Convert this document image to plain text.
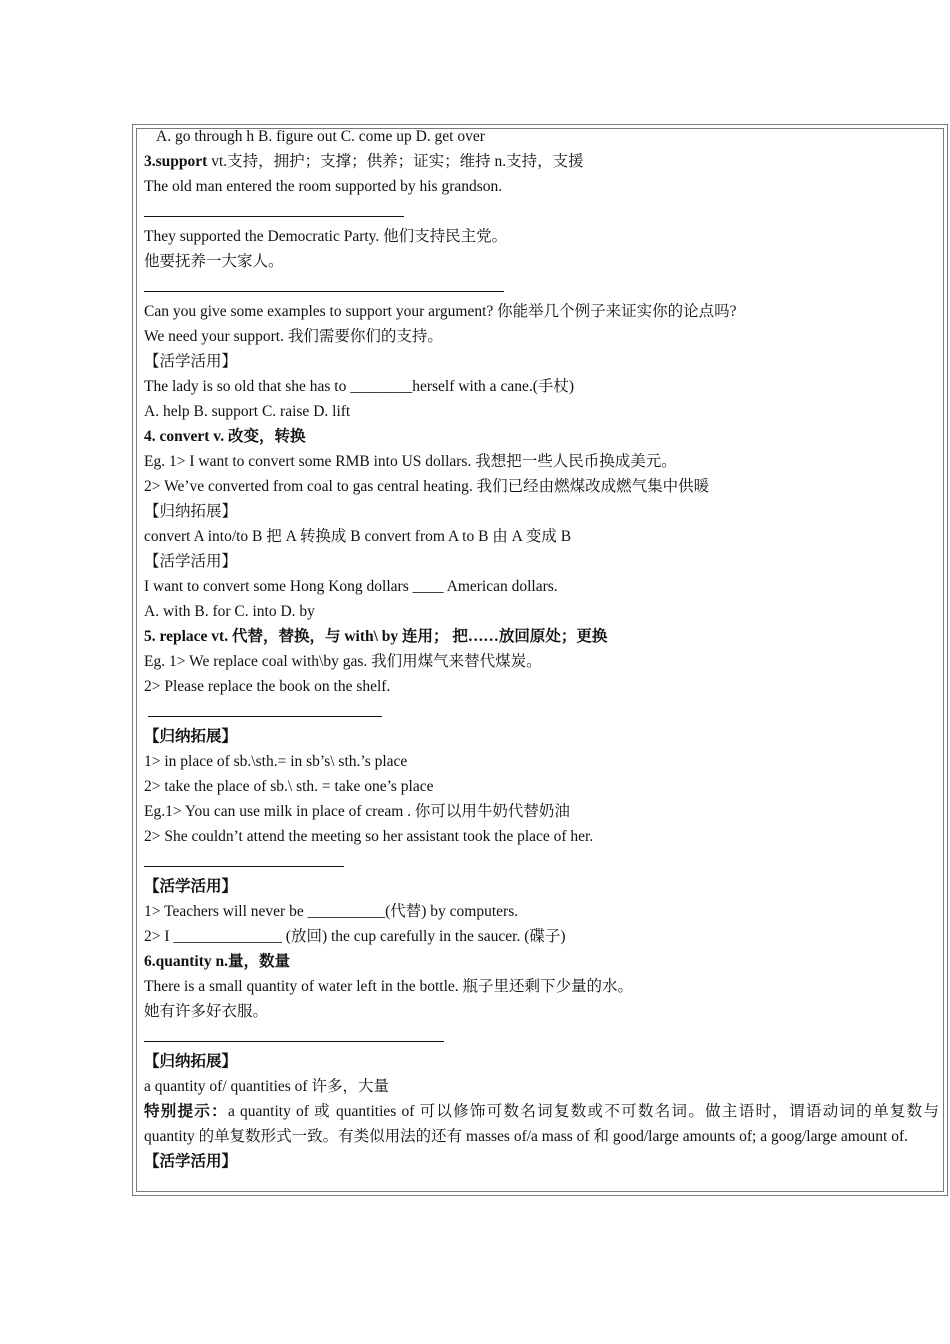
A. go through h B. figure out C. come up D. get over
3.support vt.支持，拥护；支撑；供养；证实；维持 n.支持，支援
The old man entered the room supported by his grandson.
They supported the Democratic Party. 他们支持民主党。
他要抚养一大家人。
Can you give some examples to support your argument? 你能举几个例子来证实你的论点吗?
We need your support. 我们需要你们的支持。
【活学活用】
The lady is so old that she has to ________herself with a cane.(手杖)
A. help B. support C. raise D. lift
4. convert v. 改变，转换
Eg. 1> I want to convert some RMB into US dollars. 我想把一些人民币换成美元。
2> We’ve converted from coal to gas central heating. 我们已经由燃煤改成燃气集中供暖
【归纳拓展】
convert A into/to B 把 A 转换成 B convert from A to B 由 A 变成 B
【活学活用】
I want to convert some Hong Kong dollars ____ American dollars.
A. with B. for C. into D. by
5. replace vt. 代替，替换，与 with\ by 连用； 把……放回原处；更换
Eg. 1> We replace coal with\by gas. 我们用煤气来替代煤炭。
2> Please replace the book on the shelf.
【归纳拓展】
1> in place of sb.\sth.= in sb’s\ sth.’s place
2> take the place of sb.\ sth. = take one’s place
Eg.1> You can use milk in place of cream . 你可以用牛奶代替奶油
2> She couldn’t attend the meeting so her assistant took the place of her.
【活学活用】
1> Teachers will never be __________(代替) by computers.
2> I ______________ (放回) the cup carefully in the saucer. (碟子)
6.quantity n.量，数量
There is a small quantity of water left in the bottle. 瓶子里还剩下少量的水。
她有许多好衣服。
【归纳拓展】
a quantity of/ quantities of 许多，大量
特别提示：a quantity of 或 quantities of 可以修饰可数名词复数或不可数名词。做主语时，谓语动词的单复数与 quantity 的单复数形式一致。有类似用法的还有 masses of/a mass of 和 good/large amounts of; a goog/large amount of.
【活学活用】
